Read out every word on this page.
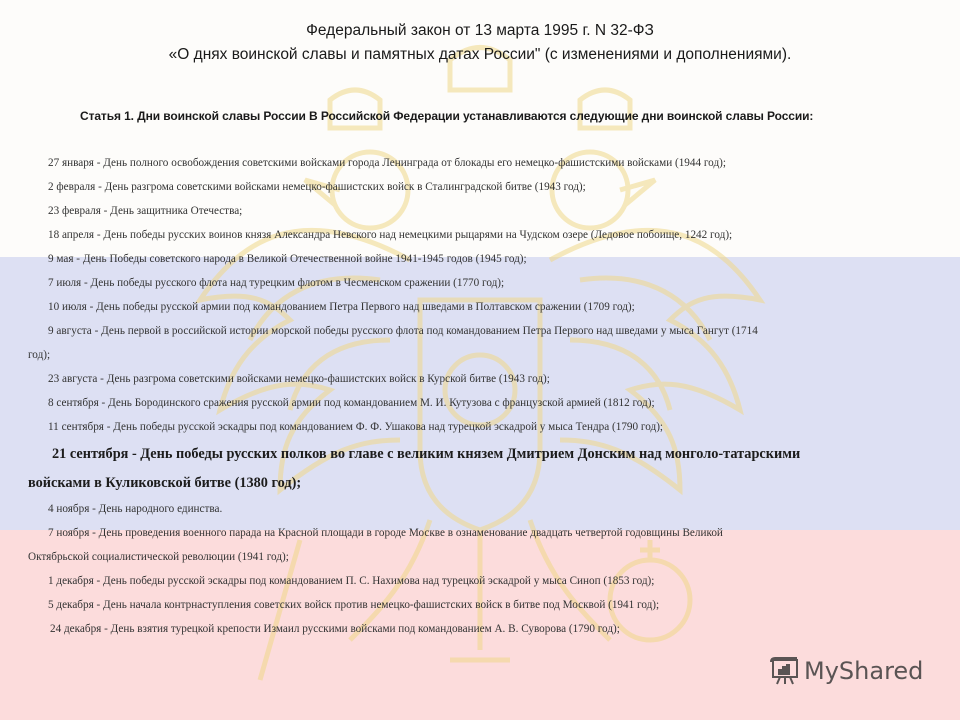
Федеральный закон от 13 марта 1995 г. N 32-ФЗ
«О днях воинской славы и памятных датах России" (с изменениями и дополнениями).
Статья 1. Дни воинской славы России В Российской Федерации устанавливаются следующие дни воинской славы России:
27 января - День полного освобождения советскими войсками города Ленинграда от блокады его немецко-фашистскими войсками (1944 год);
2 февраля - День разгрома советскими войсками немецко-фашистских войск в Сталинградской битве (1943 год);
23 февраля - День защитника Отечества;
18 апреля - День победы русских воинов князя Александра Невского над немецкими рыцарями на Чудском озере (Ледовое побоище, 1242 год);
9 мая - День Победы советского народа в Великой Отечественной войне 1941-1945 годов (1945 год);
7 июля - День победы русского флота над турецким флотом в Чесменском сражении (1770 год);
10 июля - День победы русской армии под командованием Петра Первого над шведами в Полтавском сражении (1709 год);
9 августа - День первой в российской истории морской победы русского флота под командованием Петра Первого над шведами у мыса Гангут (1714
год);
23 августа - День разгрома советскими войсками немецко-фашистских войск в Курской битве (1943 год);
8 сентября - День Бородинского сражения русской армии под командованием М. И. Кутузова с французской армией (1812 год);
11 сентября - День победы русской эскадры под командованием Ф. Ф. Ушакова над турецкой эскадрой у мыса Тендра (1790 год);
21 сентября - День победы русских полков во главе с великим князем Дмитрием Донским над монголо-татарскими
войсками в Куликовской битве (1380 год);
4 ноября - День народного единства.
7 ноября - День проведения военного парада на Красной площади в городе Москве в ознаменование двадцать четвертой годовщины Великой
Октябрьской социалистической революции (1941 год);
1 декабря - День победы русской эскадры под командованием П. С. Нахимова над турецкой эскадрой у мыса Синоп (1853 год);
5 декабря - День начала контрнаступления советских войск против немецко-фашистских войск в битве под Москвой (1941 год);
24 декабря - День взятия турецкой крепости Измаил русскими войсками под командованием А. В. Суворова (1790 год);
MyShared
